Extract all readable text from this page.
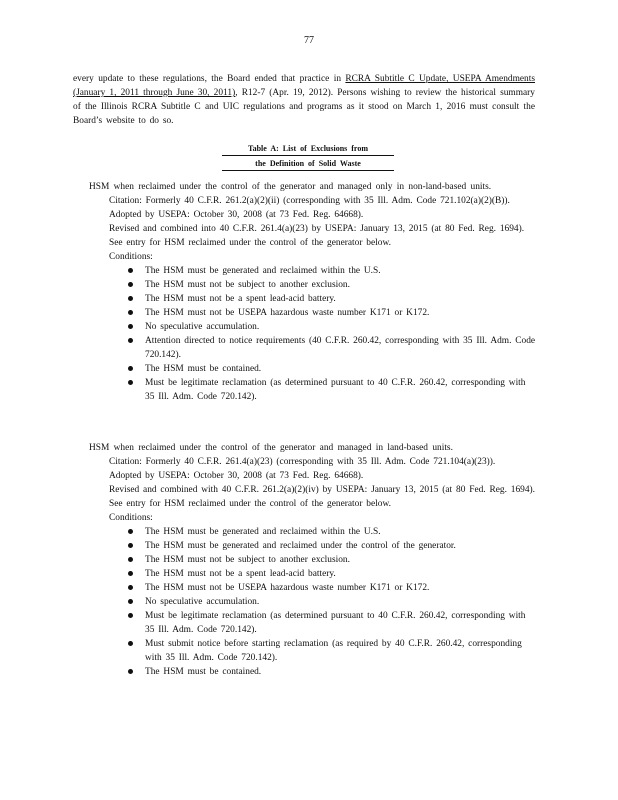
77
every update to these regulations, the Board ended that practice in RCRA Subtitle C Update, USEPA Amendments (January 1, 2011 through June 30, 2011), R12-7 (Apr. 19, 2012). Persons wishing to review the historical summary of the Illinois RCRA Subtitle C and UIC regulations and programs as it stood on March 1, 2016 must consult the Board’s website to do so.
Table A: List of Exclusions from
the Definition of Solid Waste

HSM when reclaimed under the control of the generator and managed only in non-land-based units.

Citation: Formerly 40 C.F.R. 261.2(a)(2)(ii) (corresponding with 35 Ill. Adm. Code 721.102(a)(2)(B)).

Adopted by USEPA: October 30, 2008 (at 73 Fed. Reg. 64668).

Revised and combined into 40 C.F.R. 261.4(a)(23) by USEPA: January 13, 2015 (at 80 Fed. Reg. 1694). See entry for HSM reclaimed under the control of the generator below.

Conditions:

The HSM must be generated and reclaimed within the U.S.
The HSM must not be subject to another exclusion.
The HSM must not be a spent lead-acid battery.
The HSM must not be USEPA hazardous waste number K171 or K172.
No speculative accumulation.
Attention directed to notice requirements (40 C.F.R. 260.42, corresponding with 35 Ill. Adm. Code 720.142).
The HSM must be contained.
Must be legitimate reclamation (as determined pursuant to 40 C.F.R. 260.42, corresponding with 35 Ill. Adm. Code 720.142).

HSM when reclaimed under the control of the generator and managed in land-based units.

Citation: Formerly 40 C.F.R. 261.4(a)(23) (corresponding with 35 Ill. Adm. Code 721.104(a)(23)).

Adopted by USEPA: October 30, 2008 (at 73 Fed. Reg. 64668).

Revised and combined with 40 C.F.R. 261.2(a)(2)(iv) by USEPA: January 13, 2015 (at 80 Fed. Reg. 1694). See entry for HSM reclaimed under the control of the generator below.

Conditions:

The HSM must be generated and reclaimed within the U.S.
The HSM must be generated and reclaimed under the control of the generator.
The HSM must not be subject to another exclusion.
The HSM must not be a spent lead-acid battery.
The HSM must not be USEPA hazardous waste number K171 or K172.
No speculative accumulation.
Must be legitimate reclamation (as determined pursuant to 40 C.F.R. 260.42, corresponding with 35 Ill. Adm. Code 720.142).
Must submit notice before starting reclamation (as required by 40 C.F.R. 260.42, corresponding with 35 Ill. Adm. Code 720.142).
The HSM must be contained.
